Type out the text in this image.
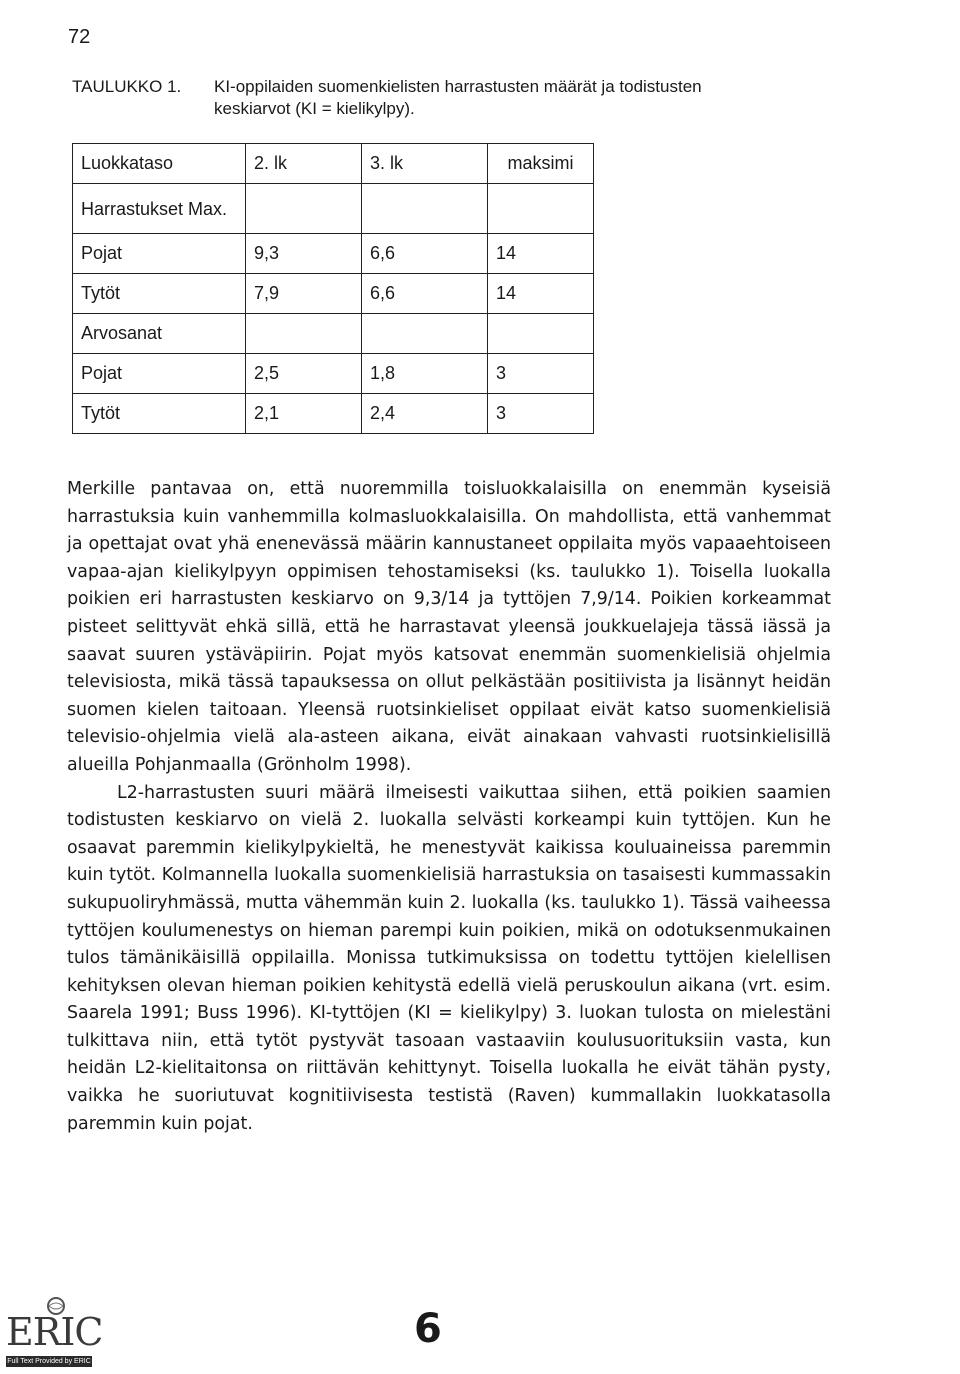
72
TAULUKKO 1. KI-oppilaiden suomenkielisten harrastusten määrät ja todistusten
keskiarvot (KI = kielikylpy).
Luokkataso	2. lk	3. lk	maksimi
Harrastukset Max.			
Pojat	9,3	6,6	14
Tytöt	7,9	6,6	14
Arvosanat			
Pojat	2,5	1,8	3
Tytöt	2,1	2,4	3

Merkille pantavaa on, että nuoremmilla toisluokkalaisilla on enemmän kyseisiä harrastuksia kuin vanhemmilla kolmasluokkalaisilla. On mahdollista, että vanhemmat ja opettajat ovat yhä enenevässä määrin kannustaneet oppilaita myös vapaaehtoiseen vapaa-ajan kielikylpyyn oppimisen tehostamiseksi (ks. taulukko 1). Toisella luokalla poikien eri harrastusten keskiarvo on 9,3/14 ja tyttöjen 7,9/14. Poikien korkeammat pisteet selittyvät ehkä sillä, että he harrastavat yleensä joukkuelajeja tässä iässä ja saavat suuren ystäväpiirin. Pojat myös katsovat enemmän suomenkielisiä ohjelmia televisiosta, mikä tässä tapauksessa on ollut pelkästään positiivista ja lisännyt heidän suomen kielen taitoaan. Yleensä ruotsinkieliset oppilaat eivät katso suomenkielisiä televisio-ohjelmia vielä ala-asteen aikana, eivät ainakaan vahvasti ruotsinkielisillä alueilla Pohjanmaalla (Grönholm 1998).

L2-harrastusten suuri määrä ilmeisesti vaikuttaa siihen, että poikien saamien todistusten keskiarvo on vielä 2. luokalla selvästi korkeampi kuin tyttöjen. Kun he osaavat paremmin kielikylpykieltä, he menestyvät kaikissa kouluaineissa paremmin kuin tytöt. Kolmannella luokalla suomenkielisiä harrastuksia on tasaisesti kummassakin sukupuoliryhmässä, mutta vähemmän kuin 2. luokalla (ks. taulukko 1). Tässä vaiheessa tyttöjen koulumenestys on hieman parempi kuin poikien, mikä on odotuksenmukainen tulos tämänikäisillä oppilailla. Monissa tutkimuksissa on todettu tyttöjen kielellisen kehityksen olevan hieman poikien kehitystä edellä vielä peruskoulun aikana (vrt. esim. Saarela 1991; Buss 1996). KI-tyttöjen (KI = kielikylpy) 3. luokan tulosta on mielestäni tulkittava niin, että tytöt pystyvät tasoaan vastaaviin koulusuorituksiin vasta, kun heidän L2-kielitaitonsa on riittävän kehittynyt. Toisella luokalla he eivät tähän pysty, vaikka he suoriutuvat kognitiivisesta testistä (Raven) kummallakin luokkatasolla paremmin kuin pojat.

ERIC
Full Text Provided by ERIC
6
